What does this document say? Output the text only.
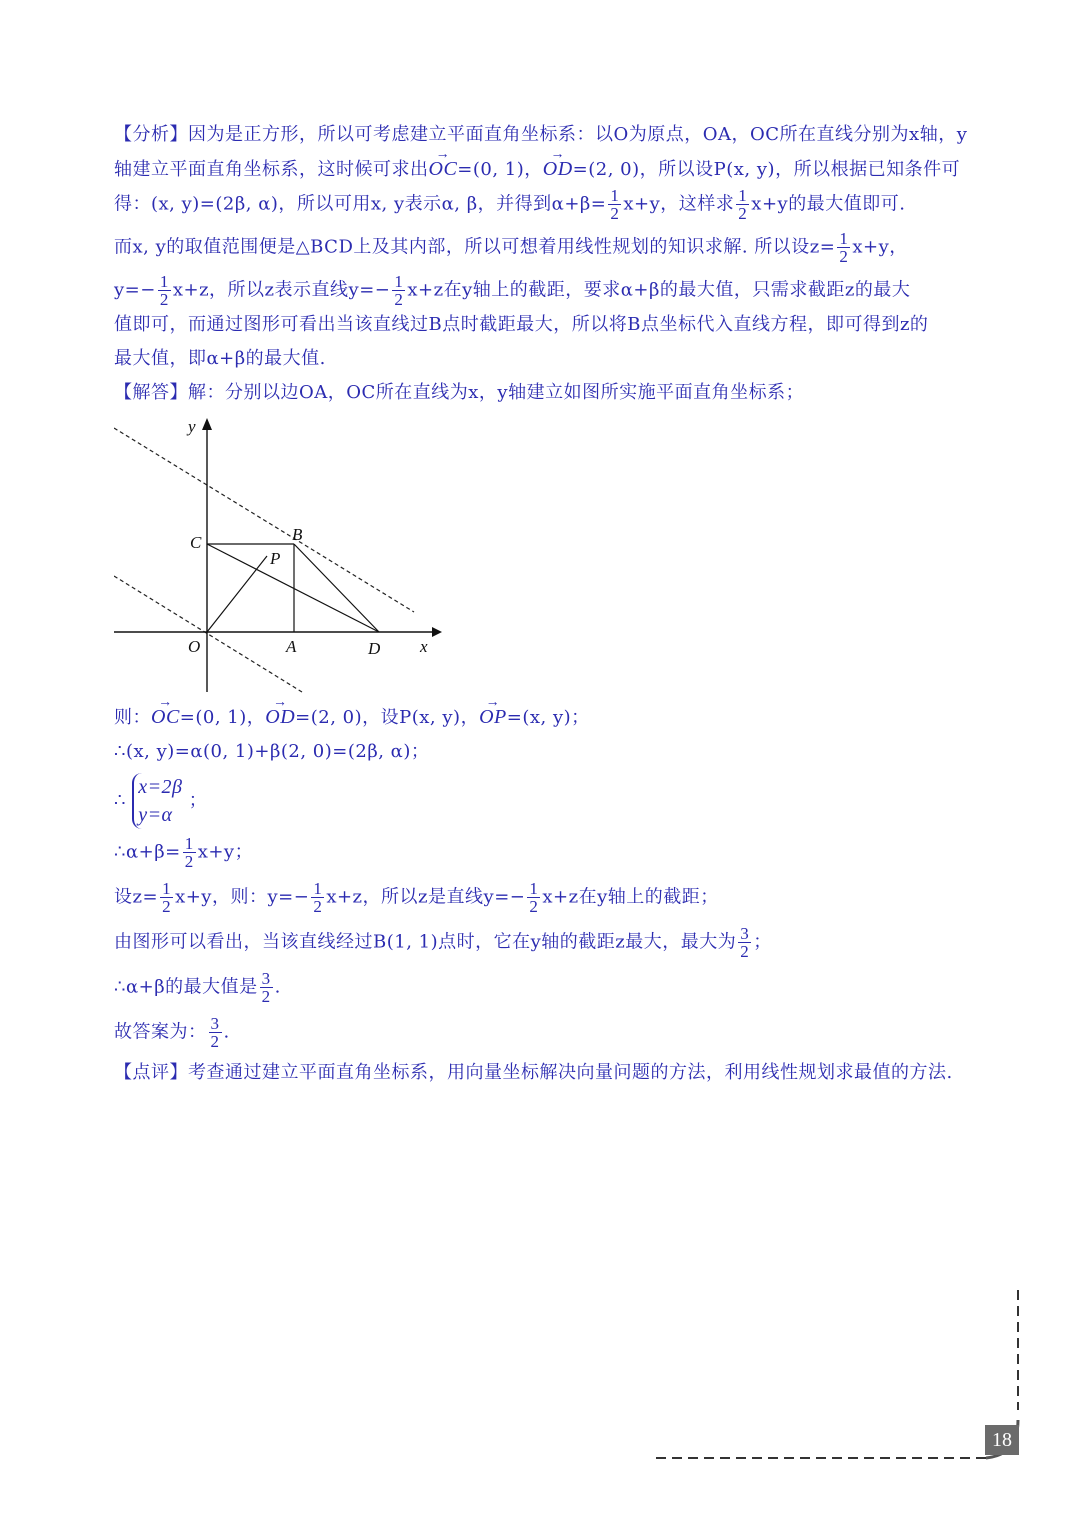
【分析】因为是正方形，所以可考虑建立平面直角坐标系：以O为原点，OA，OC所在直线分别为x轴，y

轴建立平面直角坐标系，这时候可求出→ OC=(0, 1)，→ OD=(2, 0)，所以设P(x, y)，所以根据已知条件可

得：(x, y)=(2β, α)，所以可用x, y表示α, β，并得到$\alpha+\beta= \frac{1}{2} x+y$，这样求 $\frac{1}{2} x+y$的最大值即可.

而x, y的取值范围便是△BCD上及其内部，所以可想着用线性规划的知识求解. 所以设$z= \frac{1}{2} x+y$，

$y=- \frac{1}{2} x+z$，所以z表示直线$y=- \frac{1}{2} x+z$在y轴上的截距，要求α+β的最大值，只需求截距z的最大

值即可，而通过图形可看出当该直线过B点时截距最大，所以将B点坐标代入直线方程，即可得到z的

最大值，即α+β的最大值.

【解答】解：分别以边OA，OC所在直线为x，y轴建立如图所实施平面直角坐标系；

y
x
O	A	D
C	B
P

则：→ OC=(0, 1)，→ OD=(2, 0)，设P(x, y)，→ OP=(x, y)；

∴(x, y)=α(0, 1)+β(2, 0)=(2β, α)；

∴
x=2β
y=α
；

∴α+β= $\frac{1}{2} x+y$；

设$z= \frac{1}{2} x+y$，则：$y=- \frac{1}{2} x+z$，所以z是直线$y=- \frac{1}{2} x+z$在y轴上的截距；

由图形可以看出，当该直线经过B(1, 1)点时，它在y轴的截距z最大，最大为 $\frac{3}{2}$ ；

∴α+β的最大值是 $\frac{3}{2}$ .

故答案为： $\frac{3}{2}$ .

【点评】考查通过建立平面直角坐标系，用向量坐标解决向量问题的方法，利用线性规划求最值的方法.

18
